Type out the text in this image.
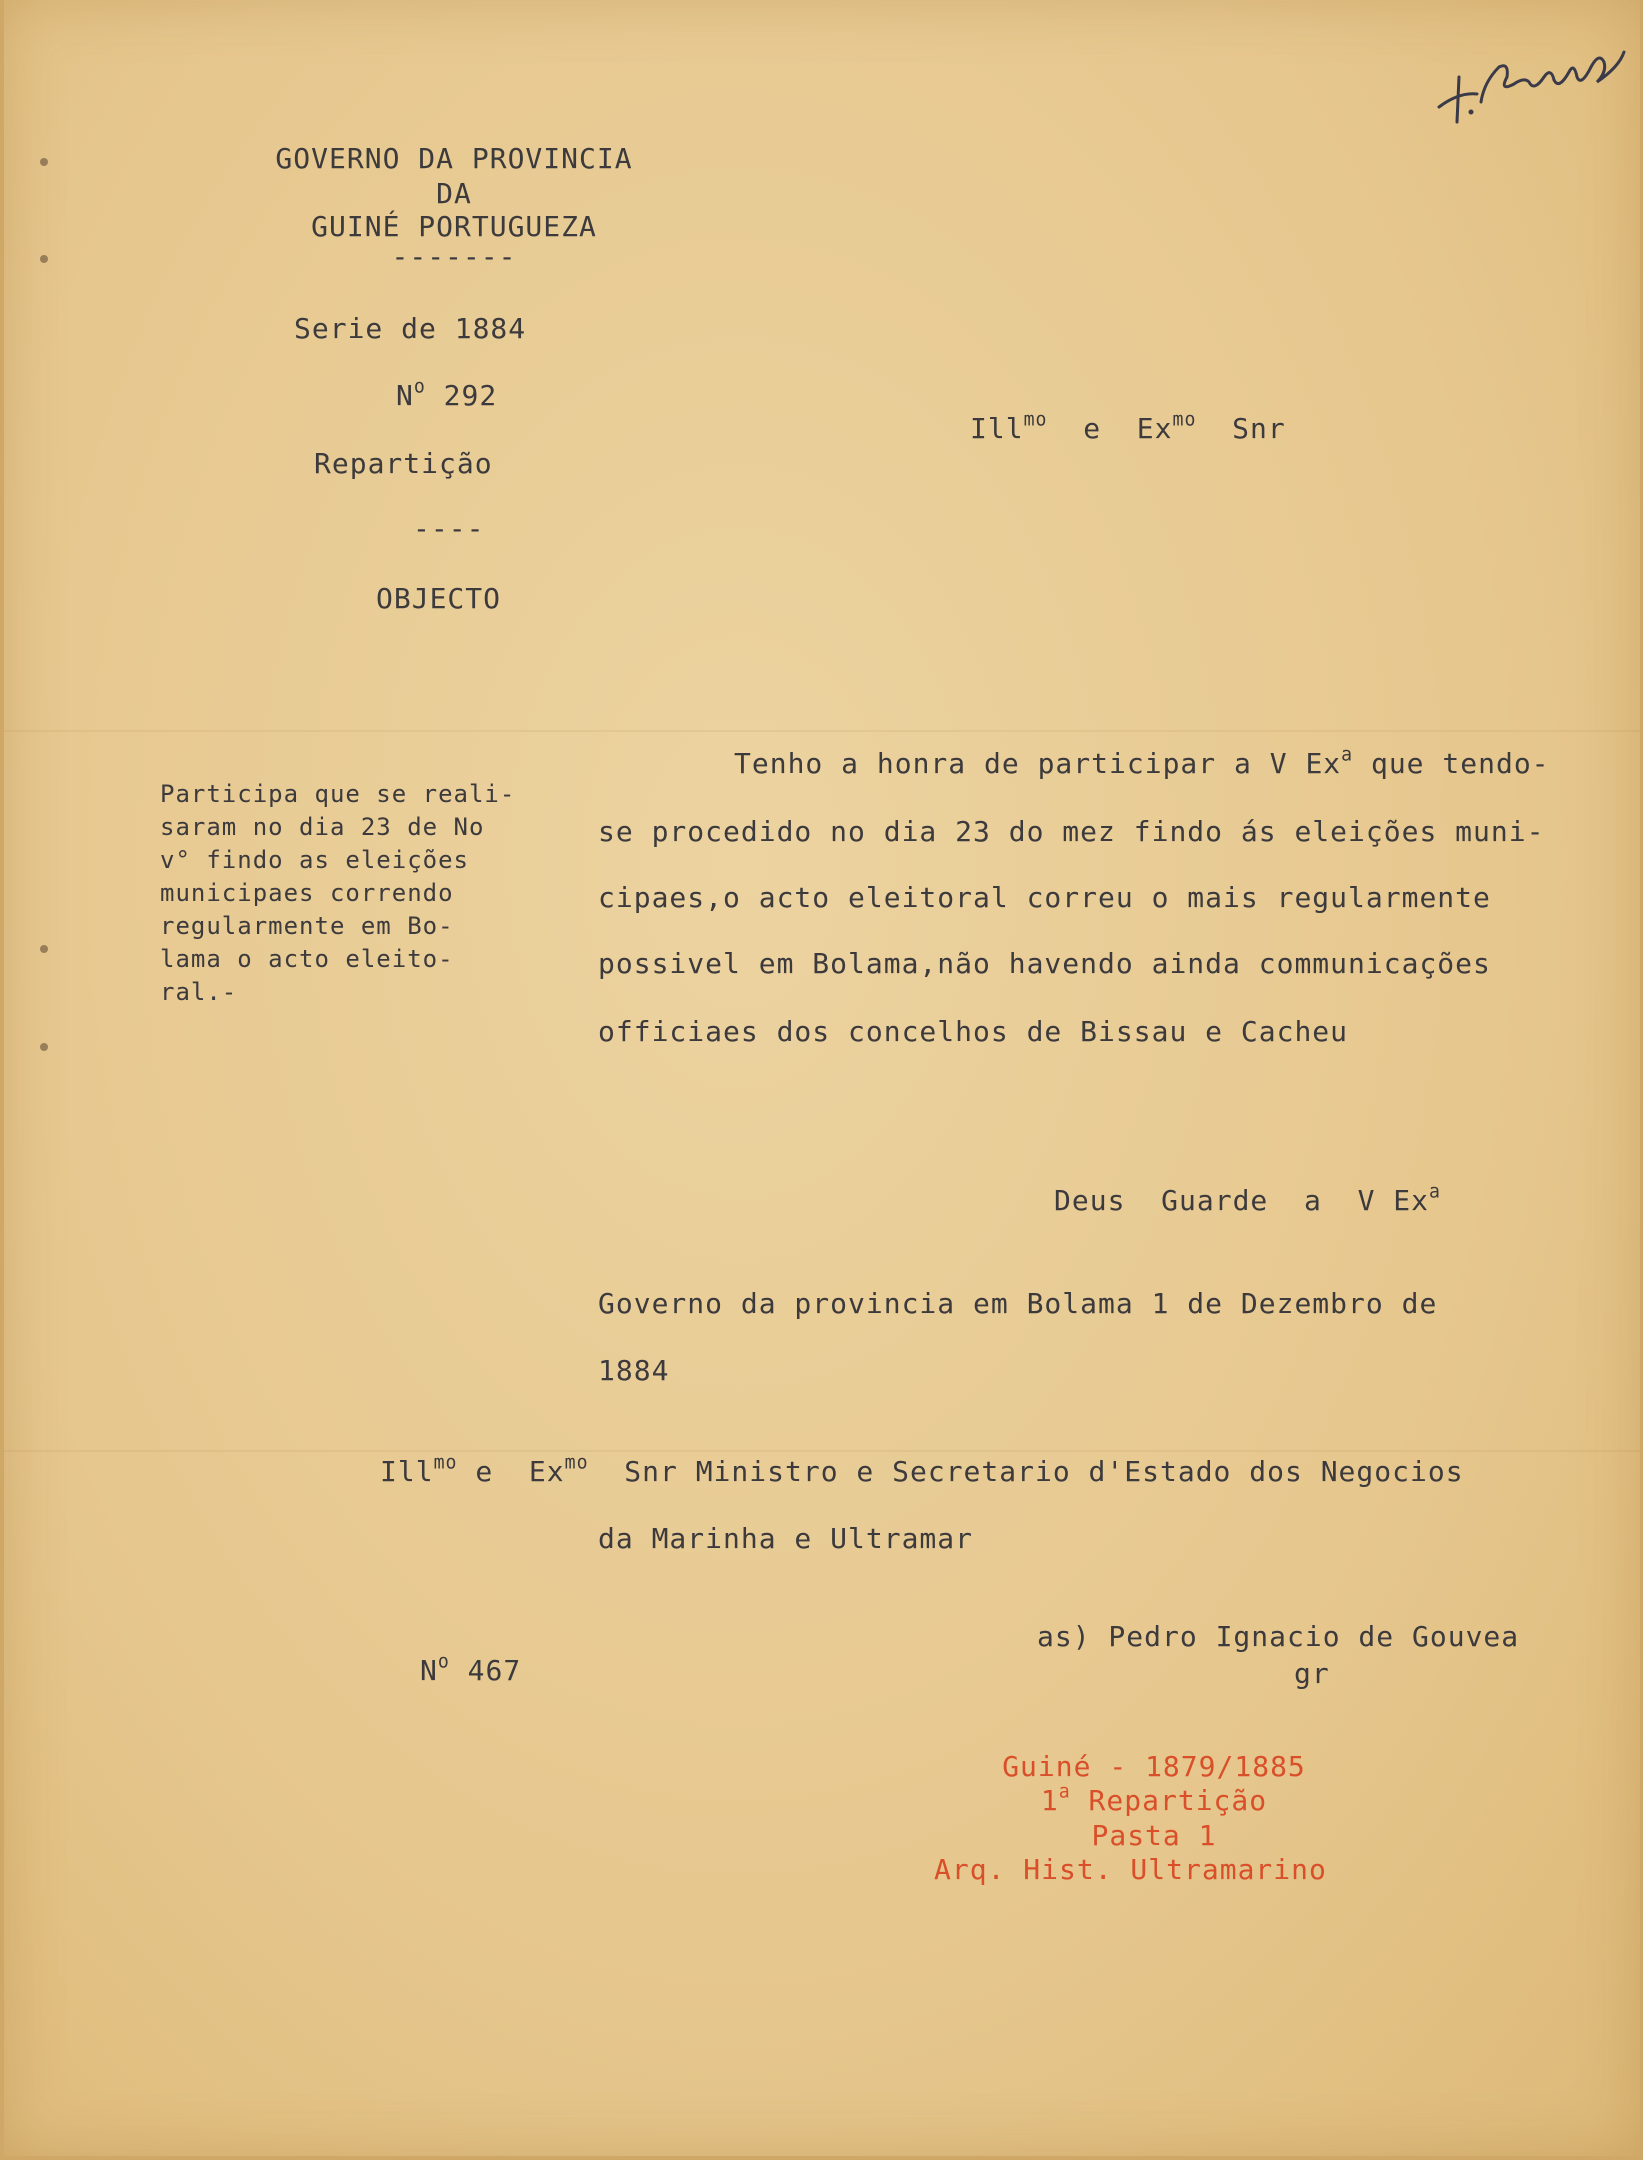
GOVERNO DA PROVINCIA
DA
GUINÉ PORTUGUEZA
-------
Serie de 1884
$N^o$ 292
Repartição
----
OBJECTO
Ill$^{mo}$  e  $Ex^{mo}$  Snr
Participa que se reali-
saram no dia 23 de No
v° findo as eleições
municipaes correndo
regularmente em Bo-
lama o acto eleito-
ral.-
Tenho a honra de participar a V Ex$^a$ que tendo-
se procedido no dia 23 do mez findo ás eleições muni-
cipaes,o acto eleitoral correu o mais regularmente
possivel em Bolama,não havendo ainda communicações
officiaes dos concelhos de Bissau e Cacheu
Deus  Guarde  a  V Ex$^a$
Governo da provincia em Bolama 1 de Dezembro de
1884
Ill$^{mo}$ e  $Ex^{mo}$  Snr Ministro e Secretario d'Estado dos Negocios
da Marinha e Ultramar
$N^o$ 467
as) Pedro Ignacio de Gouvea
gr
Guiné - 1879/1885
1$^a$ Repartição
Pasta 1
Arq. Hist. Ultramarino
